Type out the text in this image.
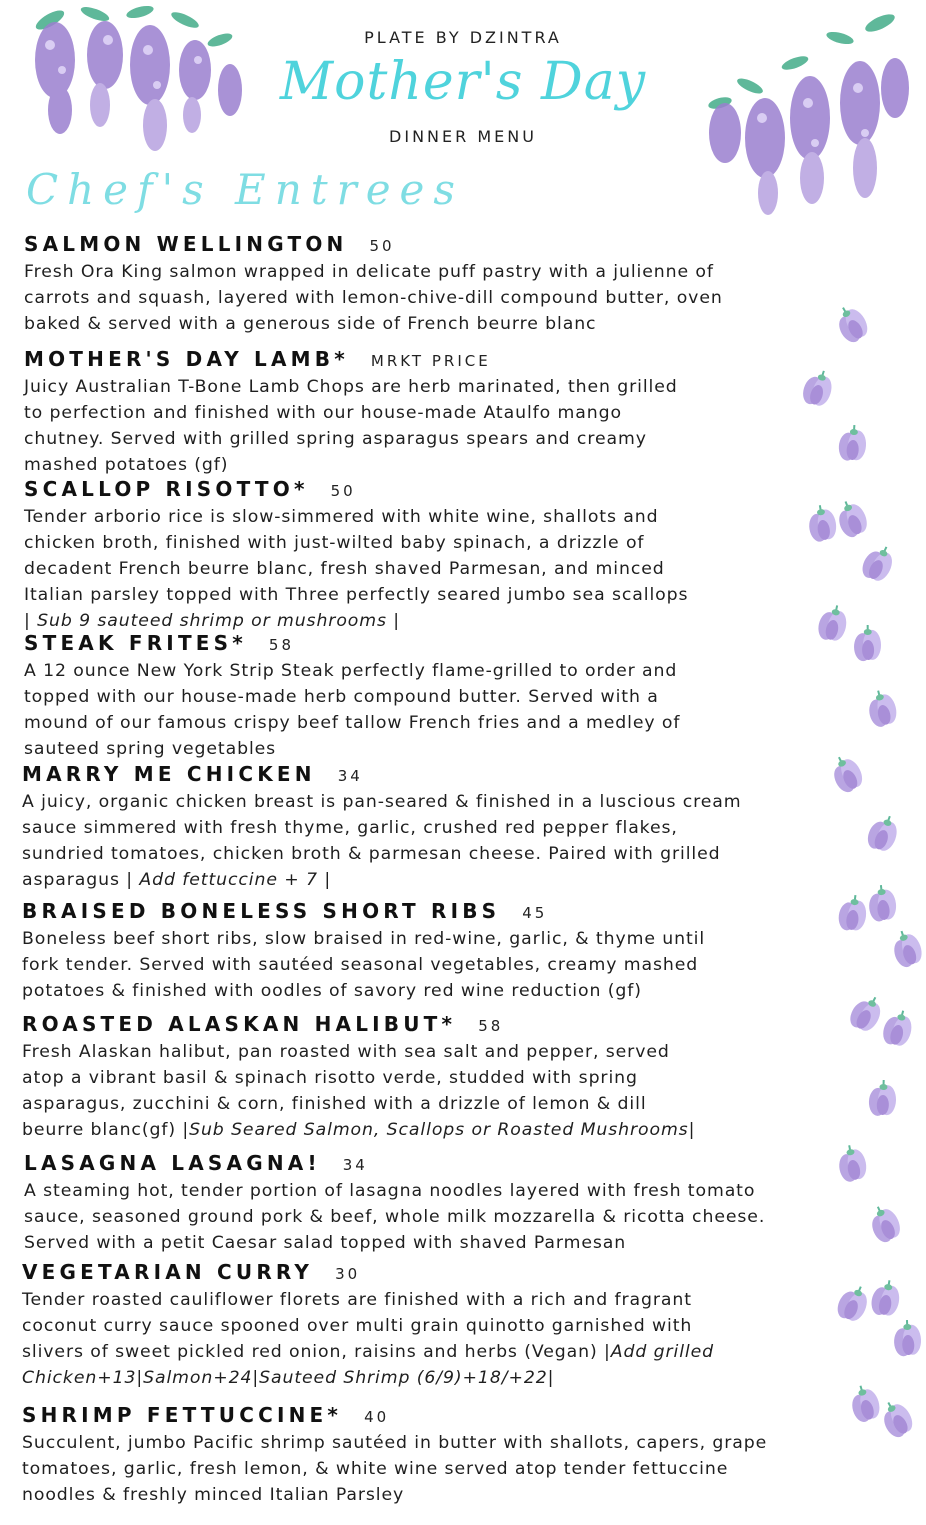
PLATE BY DZINTRA
Mother's Day
DINNER MENU
Chef's Entrees
SALMON WELLINGTON 50
Fresh Ora King salmon wrapped in delicate puff pastry with a julienne of
carrots and squash, layered with lemon-chive-dill compound butter, oven
baked & served with a generous side of French beurre blanc
MOTHER'S DAY LAMB* MRKT PRICE
Juicy Australian T-Bone Lamb Chops are herb marinated, then grilled
to perfection and finished with our house-made Ataulfo mango
chutney. Served with grilled spring asparagus spears and creamy
mashed potatoes (gf)
SCALLOP RISOTTO* 50
Tender arborio rice is slow-simmered with white wine, shallots and
chicken broth, finished with just-wilted baby spinach, a drizzle of
decadent French beurre blanc, fresh shaved Parmesan, and minced
Italian parsley topped with Three perfectly seared jumbo sea scallops
| Sub 9 sauteed shrimp or mushrooms |
STEAK FRITES* 58
A 12 ounce New York Strip Steak perfectly flame-grilled to order and
topped with our house-made herb compound butter. Served with a
mound of our famous crispy beef tallow French fries and a medley of
sauteed spring vegetables
MARRY ME CHICKEN 34
A juicy, organic chicken breast is pan-seared & finished in a luscious cream
sauce simmered with fresh thyme, garlic, crushed red pepper flakes,
sundried tomatoes, chicken broth & parmesan cheese. Paired with grilled
asparagus | Add fettuccine + 7 |
BRAISED BONELESS SHORT RIBS 45
Boneless beef short ribs, slow braised in red-wine, garlic, & thyme until
fork tender. Served with sautéed seasonal vegetables, creamy mashed
potatoes & finished with oodles of savory red wine reduction (gf)
ROASTED ALASKAN HALIBUT* 58
Fresh Alaskan halibut, pan roasted with sea salt and pepper, served
atop a vibrant basil & spinach risotto verde, studded with spring
asparagus, zucchini & corn, finished with a drizzle of lemon & dill
beurre blanc(gf) |Sub Seared Salmon, Scallops or Roasted Mushrooms|
LASAGNA LASAGNA! 34
A steaming hot, tender portion of lasagna noodles layered with fresh tomato
sauce, seasoned ground pork & beef, whole milk mozzarella & ricotta cheese.
Served with a petit Caesar salad topped with shaved Parmesan
VEGETARIAN CURRY 30
Tender roasted cauliflower florets are finished with a rich and fragrant
coconut curry sauce spooned over multi grain quinotto garnished with
slivers of sweet pickled red onion, raisins and herbs (Vegan) |Add grilled Chicken+13|Salmon+24|Sauteed Shrimp (6/9)+18/+22|
SHRIMP FETTUCCINE* 40
Succulent, jumbo Pacific shrimp sautéed in butter with shallots, capers, grape
tomatoes, garlic, fresh lemon, & white wine served atop tender fettuccine
noodles & freshly minced Italian Parsley
